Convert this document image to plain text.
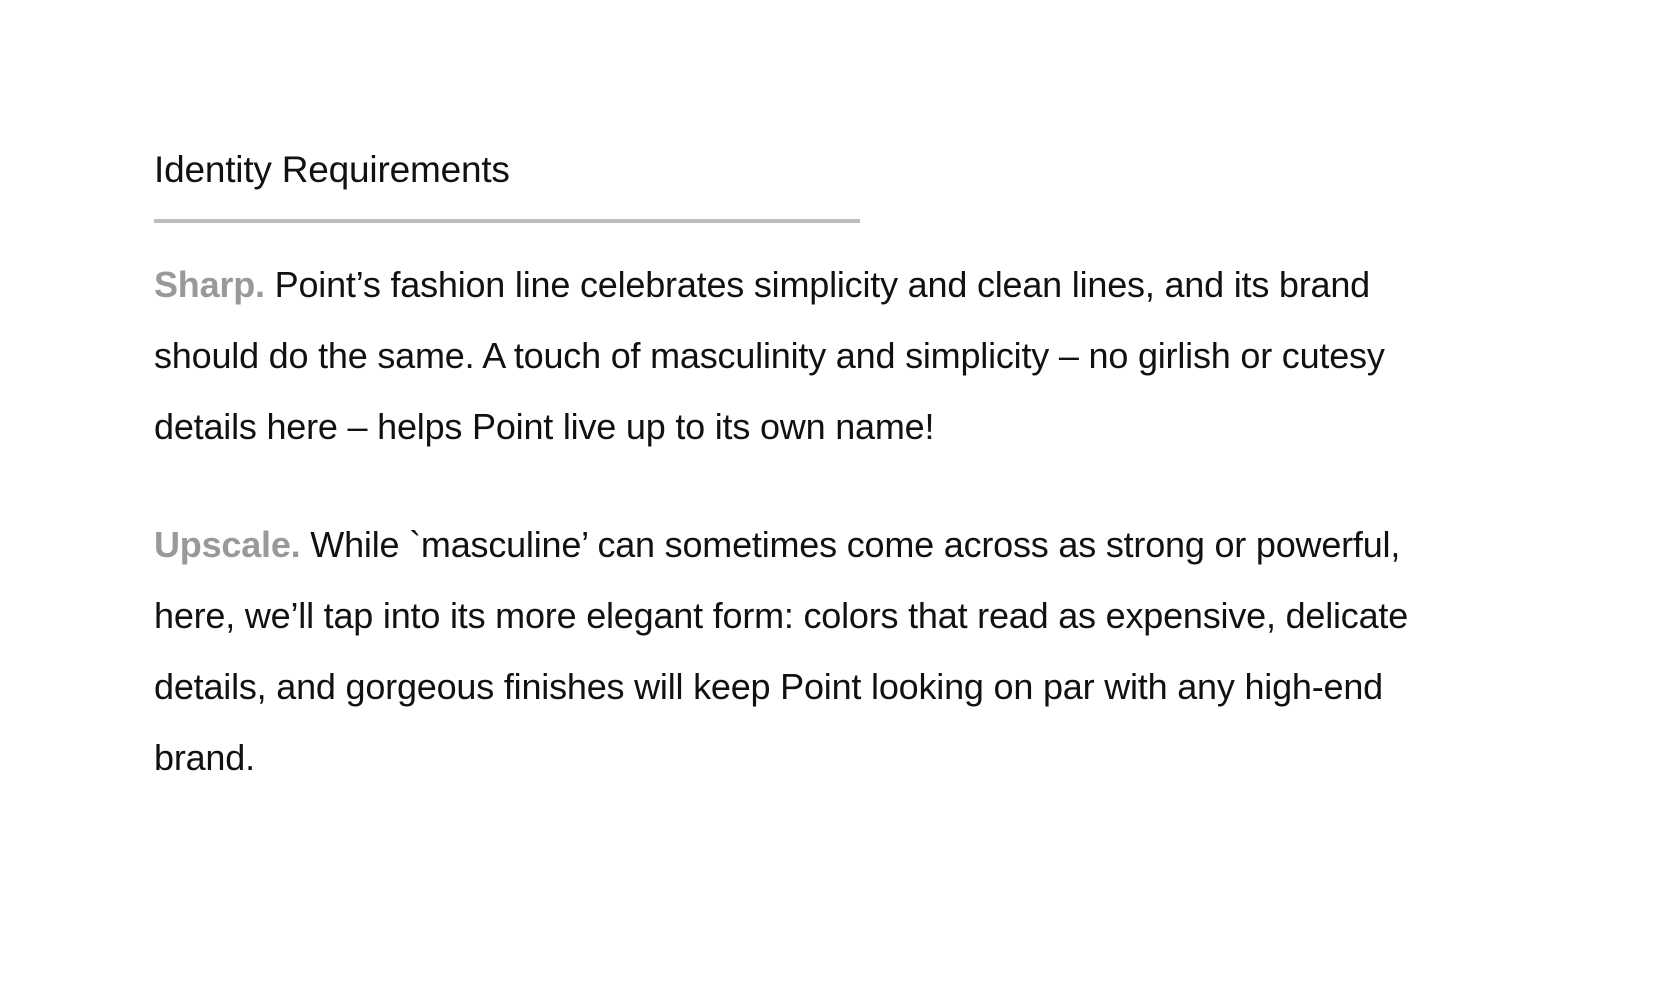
Identity Requirements

Sharp. Point’s fashion line celebrates simplicity and clean lines, and its brand should do the same. A touch of masculinity and simplicity – no girlish or cutesy details here – helps Point live up to its own name!

Upscale. While `masculine’ can sometimes come across as strong or powerful, here, we’ll tap into its more elegant form: colors that read as expensive, delicate details, and gorgeous finishes will keep Point looking on par with any high-end brand.
